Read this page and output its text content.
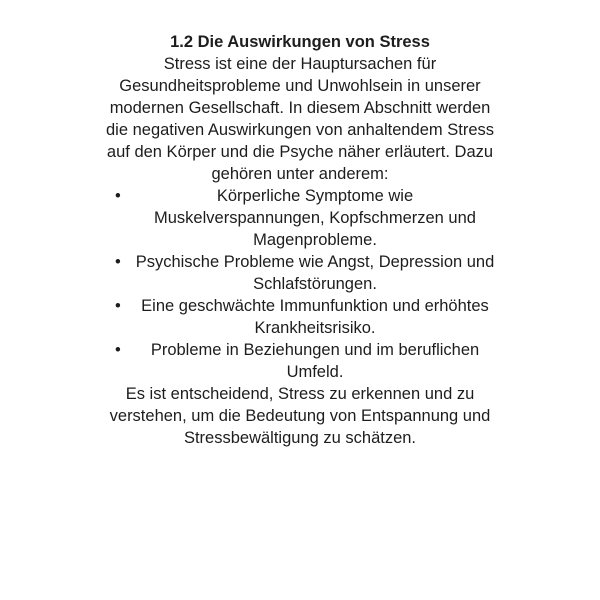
1.2 Die Auswirkungen von Stress

Stress ist eine der Hauptursachen für Gesundheitsprobleme und Unwohlsein in unserer modernen Gesellschaft. In diesem Abschnitt werden die negativen Auswirkungen von anhaltendem Stress auf den Körper und die Psyche näher erläutert. Dazu gehören unter anderem:

•	Körperliche Symptome wie Muskelverspannungen, Kopfschmerzen und Magenprobleme.
• Psychische Probleme wie Angst, Depression und Schlafstörungen.
• Eine geschwächte Immunfunktion und erhöhtes Krankheitsrisiko.
• Probleme in Beziehungen und im beruflichen Umfeld.

Es ist entscheidend, Stress zu erkennen und zu verstehen, um die Bedeutung von Entspannung und Stressbewältigung zu schätzen.
